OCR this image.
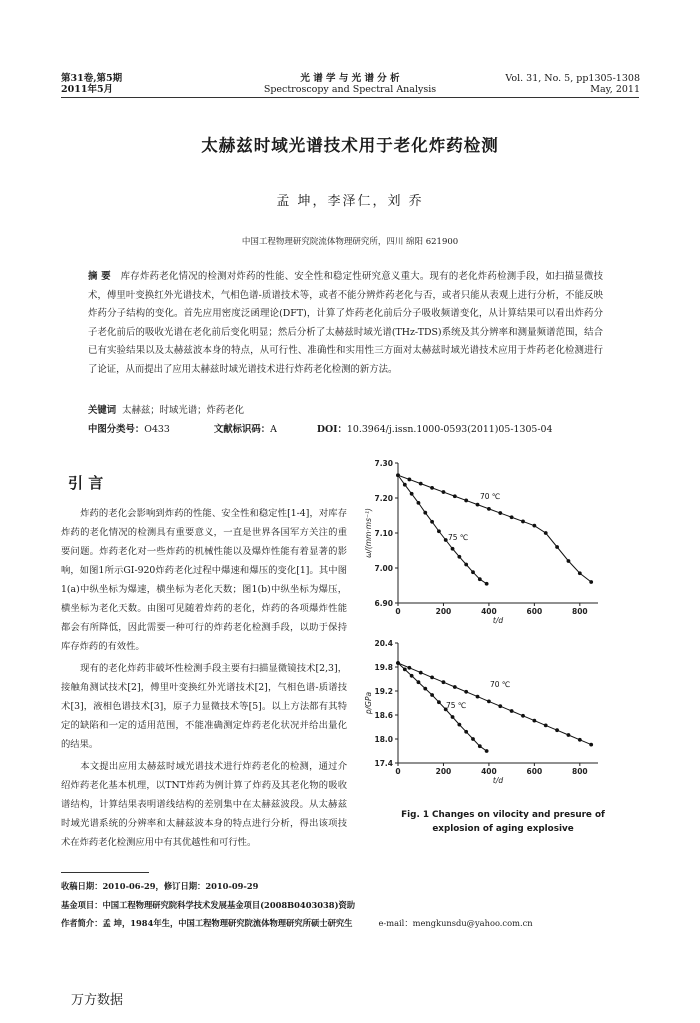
第31卷,第5期
2011年5月
光 谱 学 与 光 谱 分 析
Spectroscopy and Spectral Analysis
Vol. 31, No. 5, pp1305-1308
May, 2011
太赫兹时域光谱技术用于老化炸药检测
孟 坤，李泽仁，刘 乔
中国工程物理研究院流体物理研究所，四川 绵阳 621900
摘 要 库存炸药老化情况的检测对炸药的性能、安全性和稳定性研究意义重大。现有的老化炸药检测手段，如扫描显微技术，傅里叶变换红外光谱技术，气相色谱-质谱技术等，或者不能分辨炸药老化与否，或者只能从表观上进行分析，不能反映炸药分子结构的变化。首先应用密度泛函理论(DFT)，计算了炸药老化前后分子吸收频谱变化，从计算结果可以看出炸药分子老化前后的吸收光谱在老化前后变化明显；然后分析了太赫兹时域光谱(THz-TDS)系统及其分辨率和测量频谱范围，结合已有实验结果以及太赫兹波本身的特点，从可行性、准确性和实用性三方面对太赫兹时域光谱技术应用于炸药老化检测进行了论证，从而提出了应用太赫兹时域光谱技术进行炸药老化检测的新方法。
关键词 太赫兹；时域光谱；炸药老化
中图分类号：O433	文献标识码：A	DOI：10.3964/j.issn.1000-0593(2011)05-1305-04
引 言
炸药的老化会影响到炸药的性能、安全性和稳定性[1-4]，对库存炸药的老化情况的检测具有重要意义，一直是世界各国军方关注的重要问题。炸药老化对一些炸药的机械性能以及爆炸性能有着显著的影响，如图1所示GI-920炸药老化过程中爆速和爆压的变化[1]。其中图1(a)中纵坐标为爆速，横坐标为老化天数；图1(b)中纵坐标为爆压，横坐标为老化天数。由图可见随着炸药的老化，炸药的各项爆炸性能都会有所降低，因此需要一种可行的炸药老化检测手段，以助于保持库存炸药的有效性。
现有的老化炸药非破坏性检测手段主要有扫描显微镜技术[2,3]，接触角测试技术[2]，傅里叶变换红外光谱技术[2]，气相色谱-质谱技术[3]，液相色谱技术[3]，原子力显微技术等[5]。以上方法都有其特定的缺陷和一定的适用范围，不能准确测定炸药老化状况并给出量化的结果。
本文提出应用太赫兹时域光谱技术进行炸药老化的检测，通过介绍炸药老化基本机理，以TNT炸药为例计算了炸药及其老化物的吸收谱结构，计算结果表明谱线结构的差别集中在太赫兹波段。从太赫兹时域光谱系统的分辨率和太赫兹波本身的特点进行分析，得出该项技术在炸药老化检测应用中有其优越性和可行性。
6.90
7.00
7.10
7.20
7.30
0	200	400	600	800
t/d
ω/(mm·ms⁻¹)
70 ℃
75 ℃
17.4
18.0
18.6
19.2
19.8
20.4
0	200	400	600	800
t/d
p/GPa
70 ℃
75 ℃
Fig. 1 Changes on vilocity and presure of
explosion of aging explosive
收稿日期：2010-06-29，修订日期：2010-09-29
基金项目：中国工程物理研究院科学技术发展基金项目(2008B0403038)资助
作者简介：孟 坤，1984年生，中国工程物理研究院流体物理研究所硕士研究生	e-mail：mengkunsdu@yahoo.com.cn
万方数据
